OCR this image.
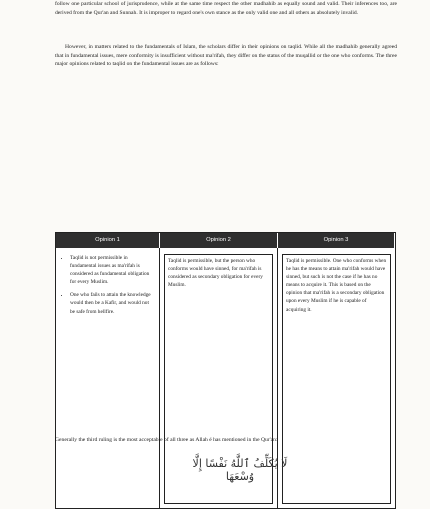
follow one particular school of jurisprudence, while at the same time respect the other madhahib as equally sound and valid. Their inferences too, are derived from the Qur'an and Sunnah. It is improper to regard one's own stance as the only valid one and all others as absolutely invalid.

However, in matters related to the fundamentals of Islam, the scholars differ in their opinions on taqlid. While all the madhahib generally agreed that in fundamental issues, mere conformity is insufficient without ma'rifah, they differ on the status of the muqallid or the one who conforms. The three major opinions related to taqlid on the fundamental issues are as follows:

Opinion 1	Opinion 2	Opinion 3
• Taqlid is not permissible in fundamental issues as ma'rifah is considered as fundamental obligation for every Muslim.
• One who fails to attain the knowledge would then be a Kafir, and would not be safe from hellfire.

Taqlid is permissible, but the person who conforms would have sinned, for ma'rifah is considered as secondary obligation for every Muslim.

Taqlid is permissible. One who conforms when he has the means to attain ma'rifah would have sinned, but such is not the case if he has no means to acquire it. This is based on the opinion that ma'rifah is a secondary obligation upon every Muslim if he is capable of acquiring it.

Generally the third ruling is the most acceptable of all three as Allah é has mentioned in the Qur'an:

لَا يُكَلِّفُ ٱللَّهُ نَفْسًا إِلَّا وُسْعَهَا
